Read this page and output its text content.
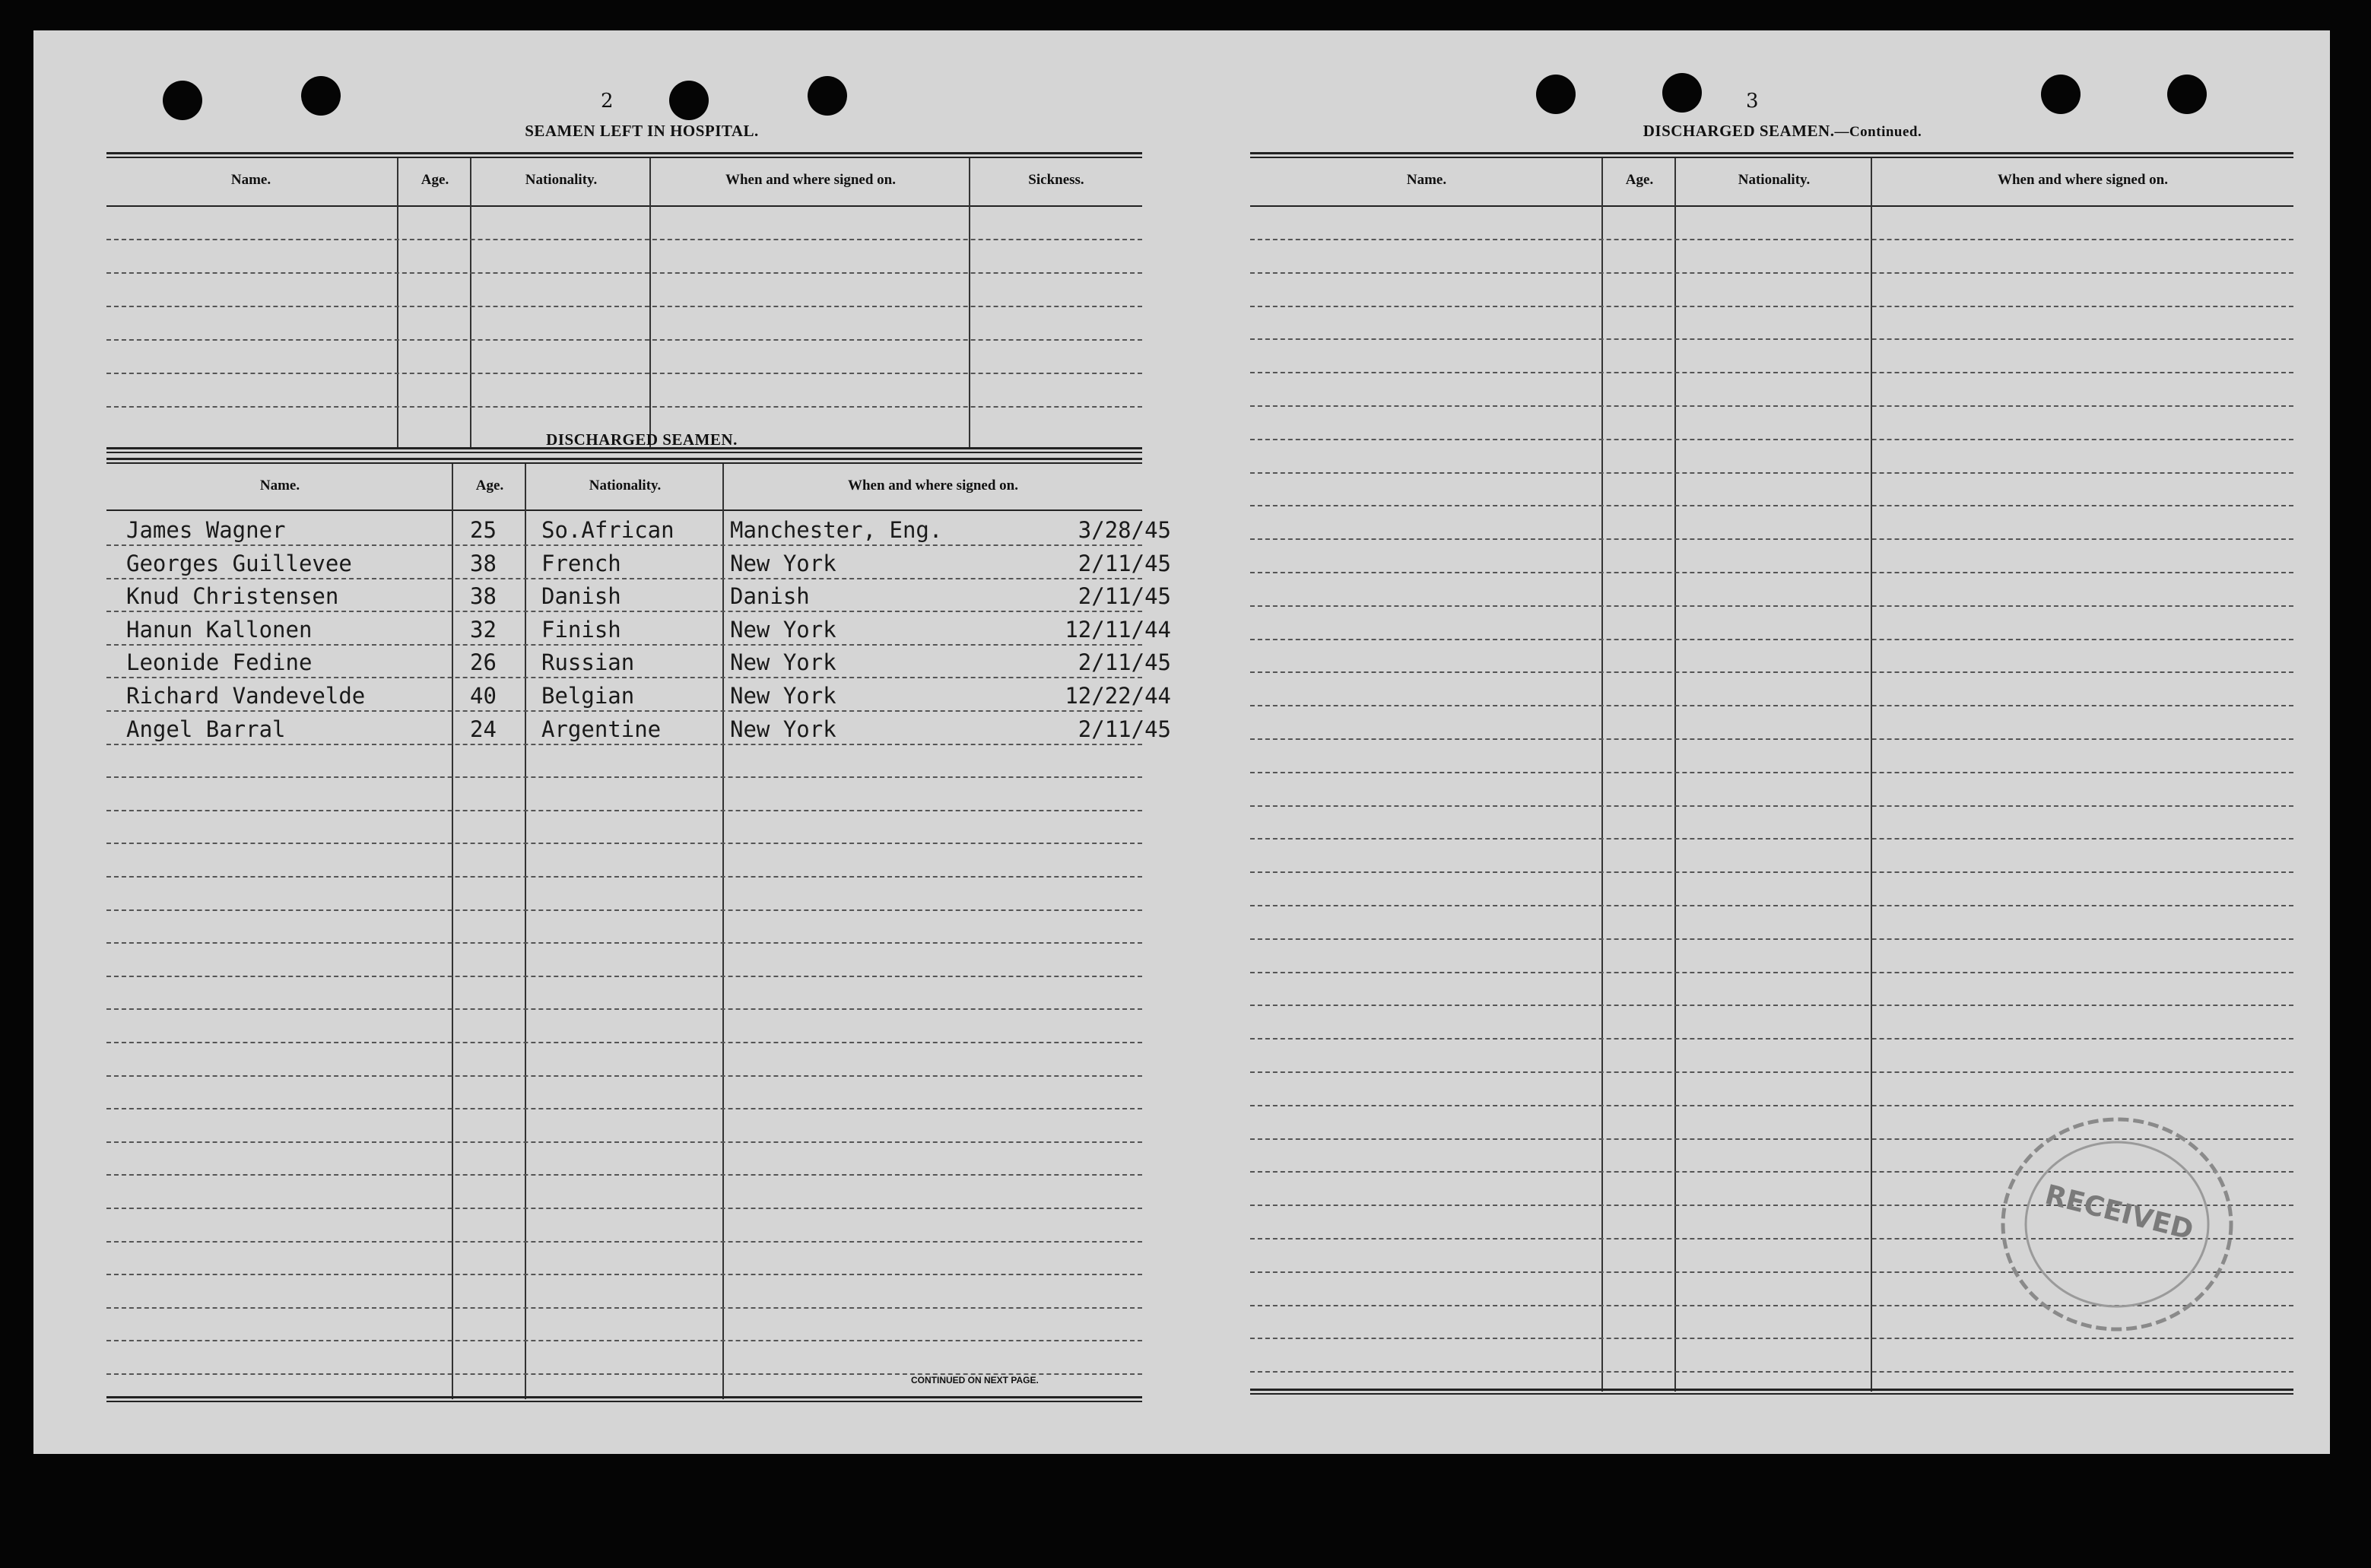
2
SEAMEN LEFT IN HOSPITAL.
Name.	Age.	Nationality.	When and where signed on.	Sickness.
DISCHARGED SEAMEN.
Name.	Age.	Nationality.	When and where signed on.
James Wagner	25 So.African	Manchester, Eng.	3/28/45
Georges Guillevee	38 French	New York	2/11/45
Knud Christensen	38 Danish	Danish	2/11/45
Hanun Kallonen	32 Finish	New York	12/11/44
Leonide Fedine	26 Russian	New York	2/11/45
Richard Vandevelde	40 Belgian	New York	12/22/44
Angel Barral	24 Argentine	New York	2/11/45
CONTINUED ON NEXT PAGE.
3
DISCHARGED SEAMEN.—Continued.
Name.	Age.	Nationality.	When and where signed on.
RECEIVED
